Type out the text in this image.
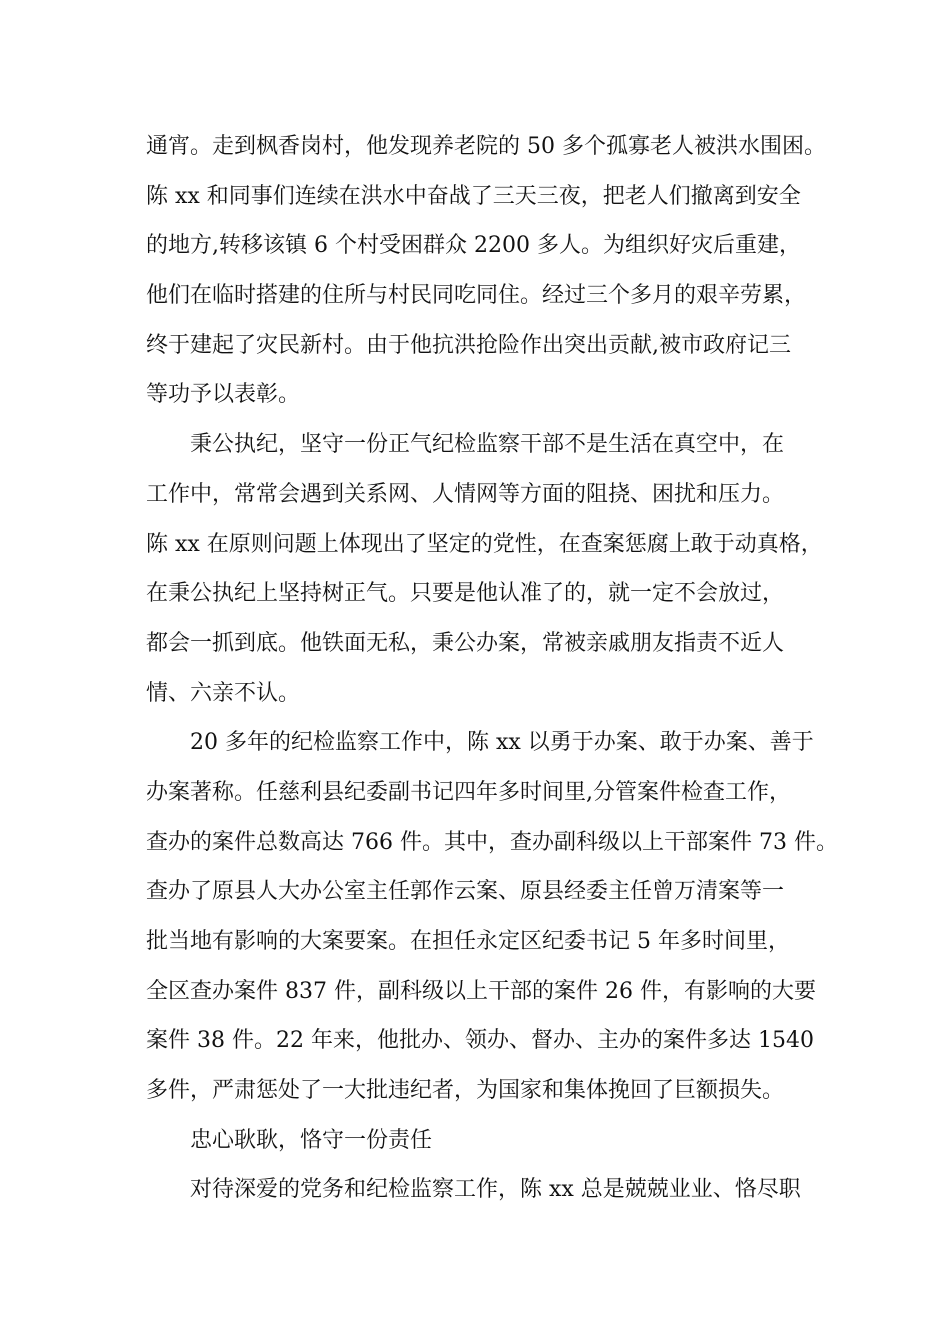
通宵。走到枫香岗村，他发现养老院的 50 多个孤寡老人被洪水围困。
陈 xx 和同事们连续在洪水中奋战了三天三夜，把老人们撤离到安全
的地方,转移该镇 6 个村受困群众 2200 多人。为组织好灾后重建，
他们在临时搭建的住所与村民同吃同住。经过三个多月的艰辛劳累，
终于建起了灾民新村。由于他抗洪抢险作出突出贡献,被市政府记三
等功予以表彰。
秉公执纪，坚守一份正气纪检监察干部不是生活在真空中，在
工作中，常常会遇到关系网、人情网等方面的阻挠、困扰和压力。
陈 xx 在原则问题上体现出了坚定的党性，在查案惩腐上敢于动真格，
在秉公执纪上坚持树正气。只要是他认准了的，就一定不会放过，
都会一抓到底。他铁面无私，秉公办案，常被亲戚朋友指责不近人
情、六亲不认。
20 多年的纪检监察工作中，陈 xx 以勇于办案、敢于办案、善于
办案著称。任慈利县纪委副书记四年多时间里,分管案件检查工作，
查办的案件总数高达 766 件。其中，查办副科级以上干部案件 73 件。
查办了原县人大办公室主任郭作云案、原县经委主任曾万清案等一
批当地有影响的大案要案。在担任永定区纪委书记 5 年多时间里，
全区查办案件 837 件，副科级以上干部的案件 26 件，有影响的大要
案件 38 件。22 年来，他批办、领办、督办、主办的案件多达 1540
多件，严肃惩处了一大批违纪者，为国家和集体挽回了巨额损失。
忠心耿耿，恪守一份责任
对待深爱的党务和纪检监察工作，陈 xx 总是兢兢业业、恪尽职
